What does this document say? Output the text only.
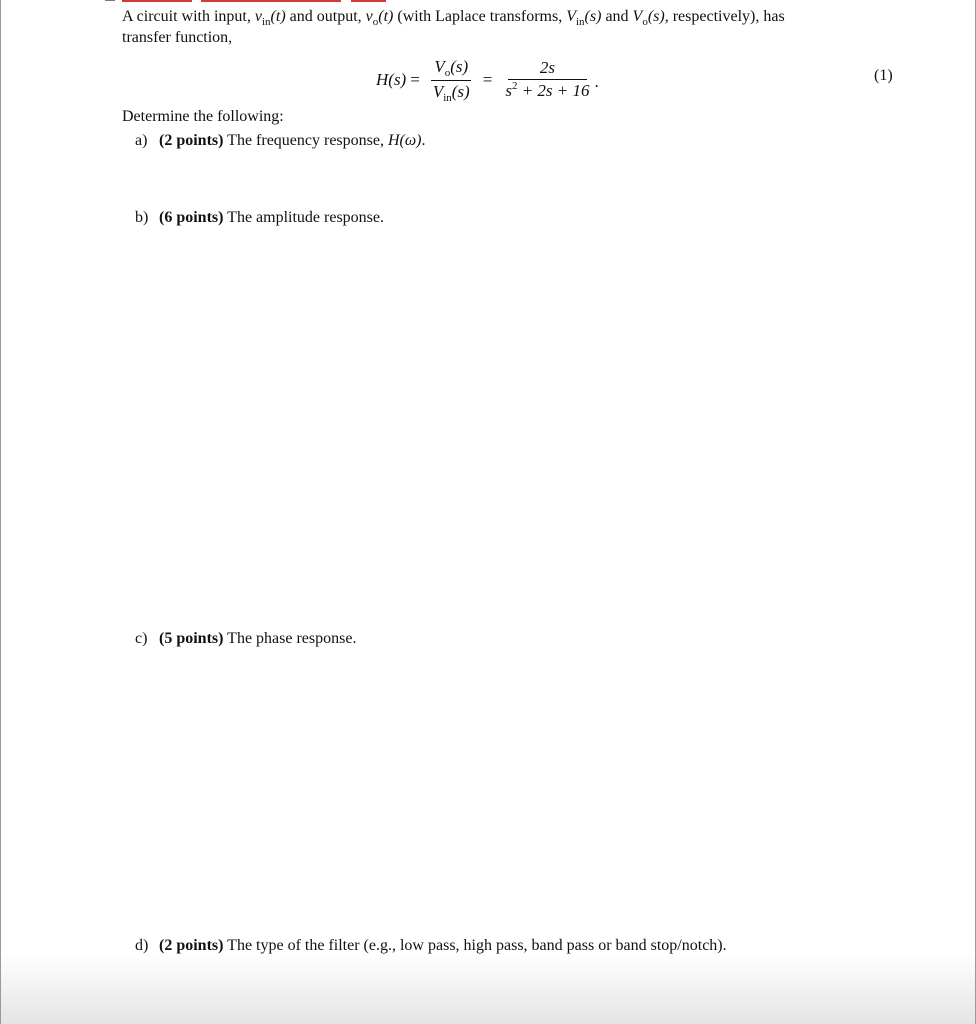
A circuit with input, $v_{in}(t)$ and output, $v_o(t)$ (with Laplace transforms, $V_{in}(s)$ and $V_o(s)$, respectively), has
transfer function,
$H(s) = \frac{V_o(s)}{V_{in}(s)} = \frac{2s}{s^2 + 2s + 16}$ .	(1)
Determine the following:
a) (2 points) The frequency response, H(ω).
b) (6 points) The amplitude response.
c) (5 points) The phase response.
d) (2 points) The type of the filter (e.g., low pass, high pass, band pass or band stop/notch).
